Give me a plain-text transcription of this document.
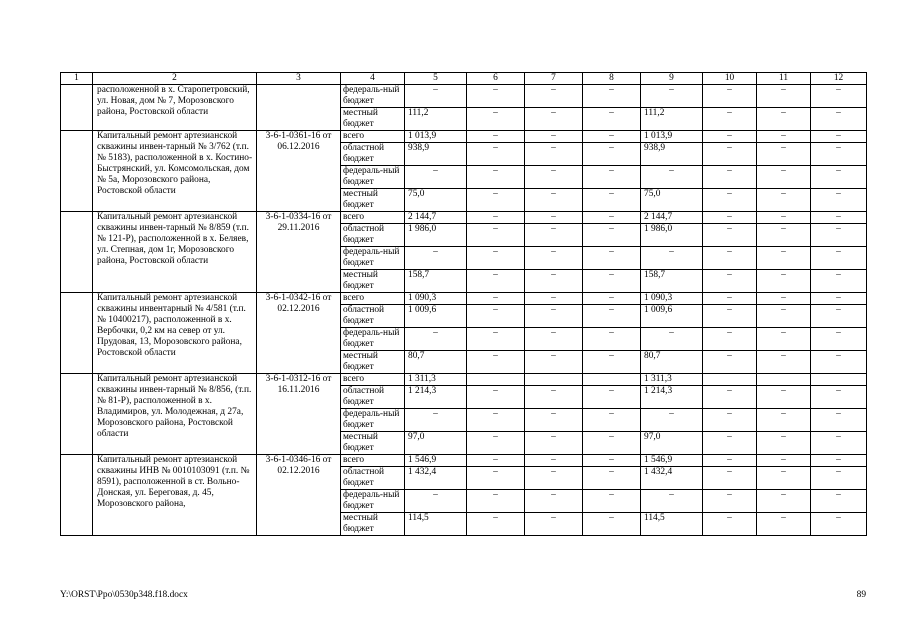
1	2	3	4	5	6	7	8	9	10	11	12
	расположенной в х. Старопетровский, ул. Новая, дом № 7, Морозовского района, Ростовской области		федераль-ный бюджет	–	–	–	–	–	–	–	–
			местный бюджет	111,2	–	–	–	111,2	–	–	–
	Капитальный ремонт артезианской скважины инвен-тарный № 3/762 (т.п. № 5183), расположенной в х. Костино-Быстрянский, ул. Комсомольская, дом № 5а, Морозовского района, Ростовской области	3-6-1-0361-16 от 06.12.2016	всего	1 013,9	–	–	–	1 013,9	–	–	–
			областной бюджет	938,9	–	–	–	938,9	–	–	–
			федераль-ный бюджет	–	–	–	–	–	–	–	–
			местный бюджет	75,0	–	–	–	75,0	–	–	–
	Капитальный ремонт артезианской скважины инвен-тарный № 8/859 (т.п. № 121-Р), расположенной в х. Беляев, ул. Степная, дом 1г, Морозовского района, Ростовской области	3-6-1-0334-16 от 29.11.2016	всего	2 144,7	–	–	–	2 144,7	–	–	–
			областной бюджет	1 986,0	–	–	–	1 986,0	–	–	–
			федераль-ный бюджет	–	–	–	–	–	–	–	–
			местный бюджет	158,7	–	–	–	158,7	–	–	–
	Капитальный ремонт артезианской скважины инвентарный № 4/581 (т.п. № 10400217), расположенной в х. Вербочки, 0,2 км на север от ул. Прудовая, 13, Морозовского района, Ростовской области	3-6-1-0342-16 от 02.12.2016	всего	1 090,3	–	–	–	1 090,3	–	–	–
			областной бюджет	1 009,6	–	–	–	1 009,6	–	–	–
			федераль-ный бюджет	–	–	–	–	–	–	–	–
			местный бюджет	80,7	–	–	–	80,7	–	–	–
	Капитальный ремонт артезианской скважины инвен-тарный № 8/856, (т.п. № 81-Р), расположенной в х. Владимиров, ул. Молодежная, д 27а, Морозовского района, Ростовской области	3-6-1-0312-16 от 16.11.2016	всего	1 311,3				1 311,3			
			областной бюджет	1 214,3	–	–	–	1 214,3	–	–	–
			федераль-ный бюджет	–	–	–	–	–	–	–	–
			местный бюджет	97,0	–	–	–	97,0	–	–	–
	Капитальный ремонт артезианской скважины ИНВ № 0010103091 (т.п. № 8591), расположенной в ст. Вольно-Донская, ул. Береговая, д. 45, Морозовского района,	3-6-1-0346-16 от 02.12.2016	всего	1 546,9	–	–	–	1 546,9	–	–	–
			областной бюджет	1 432,4	–	–	–	1 432,4	–	–	–
			федераль-ный бюджет	–	–	–	–	–	–	–	–
			местный бюджет	114,5	–	–	–	114,5	–	–	–
Y:\ORST\Ppo\0530p348.f18.docx	89
